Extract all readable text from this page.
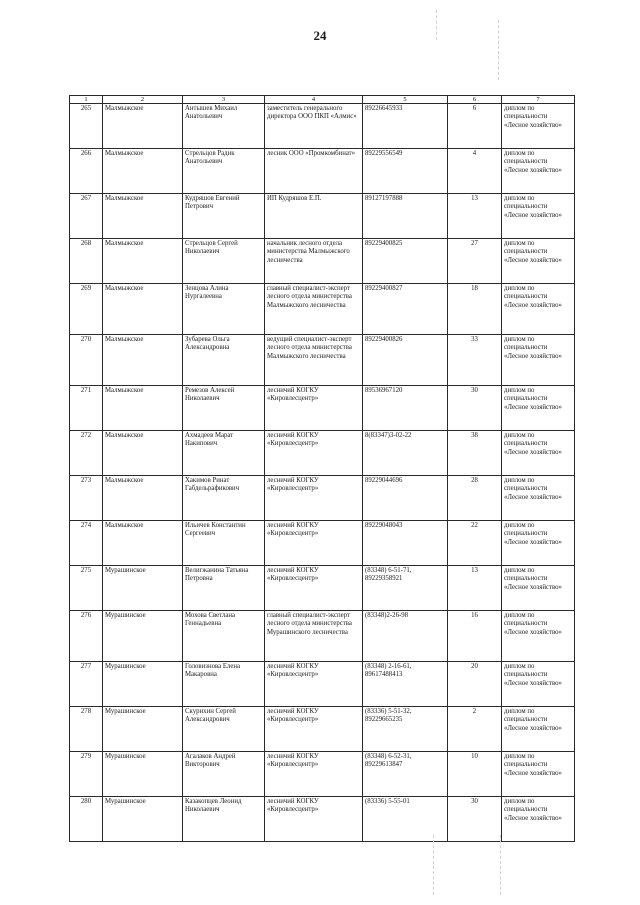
24
1	2	3	4	5	6	7
265	Малмыжское	Антышев Михаил Анатольевич	заместитель генерального директора ООО ПКП «Алмис»	89226645933	6	диплом по специальности «Лесное хозяйство»
266	Малмыжское	Стрельцов Радик Анатольевич	лесник ООО «Промкомбинат»	89229556549	4	диплом по специальности «Лесное хозяйство»
267	Малмыжское	Кудряшов Евгений Петрович	ИП Кудряшов Е.П.	89127197888	13	диплом по специальности «Лесное хозяйство»
268	Малмыжское	Стрельцов Сергей Николаевич	начальник лесного отдела министерства Малмыжского лесничества	89229400825	27	диплом по специальности «Лесное хозяйство»
269	Малмыжское	Зенцова Алина Нургалеевна	главный специалист-эксперт лесного отдела министерства Малмыжского лесничества	89229400827	18	диплом по специальности «Лесное хозяйство»
270	Малмыжское	Зубарева Ольга Александровна	ведущий специалист-эксперт лесного отдела министерства Малмыжского лесничества	89229400826	33	диплом по специальности «Лесное хозяйство»
271	Малмыжское	Ремезов Алексей Николаевич	лесничий КОГКУ «Кировлесцентр»	89536967120	30	диплом по специальности «Лесное хозяйство»
272	Малмыжское	Ахмадеев Марат Накипович	лесничий КОГКУ «Кировлесцентр»	8(83347)3-02-22	38	диплом по специальности «Лесное хозяйство»
273	Малмыжское	Хакимов Ринат Габдельрафикович	лесничий КОГКУ «Кировлесцентр»	89229044696	28	диплом по специальности «Лесное хозяйство»
274	Малмыжское	Ильичев Константин Сергеевич	лесничий КОГКУ «Кировлесцентр»	89229048043	22	диплом по специальности «Лесное хозяйство»
275	Мурашинское	Велигжанина Татьяна Петровна	лесничий КОГКУ «Кировлесцентр»	(83348) 6-51-71, 89229358921	13	диплом по специальности «Лесное хозяйство»
276	Мурашинское	Мохова Светлана Геннадьевна	главный специалист-эксперт лесного отдела министерства Мурашинского лесничества	(83348)2-26-98	16	диплом по специальности «Лесное хозяйство»
277	Мурашинское	Головизнова Елена Макаровна	лесничий КОГКУ «Кировлесцентр»	(83348) 2-16-61, 89617488413	20	диплом по специальности «Лесное хозяйство»
278	Мурашинское	Скурихин Сергей Александрович	лесничий КОГКУ «Кировлесцентр»	(83336) 5-51-32, 89229665235	2	диплом по специальности «Лесное хозяйство»
279	Мурашинское	Агалаков Андрей Викторович	лесничий КОГКУ «Кировлесцентр»	(83348) 6-52-31, 89229613847	10	диплом по специальности «Лесное хозяйство»
280	Мурашинское	Казакопцев Леонид Николаевич	лесничий КОГКУ «Кировлесцентр»	(83336) 5-55-01	30	диплом по специальности «Лесное хозяйство»
